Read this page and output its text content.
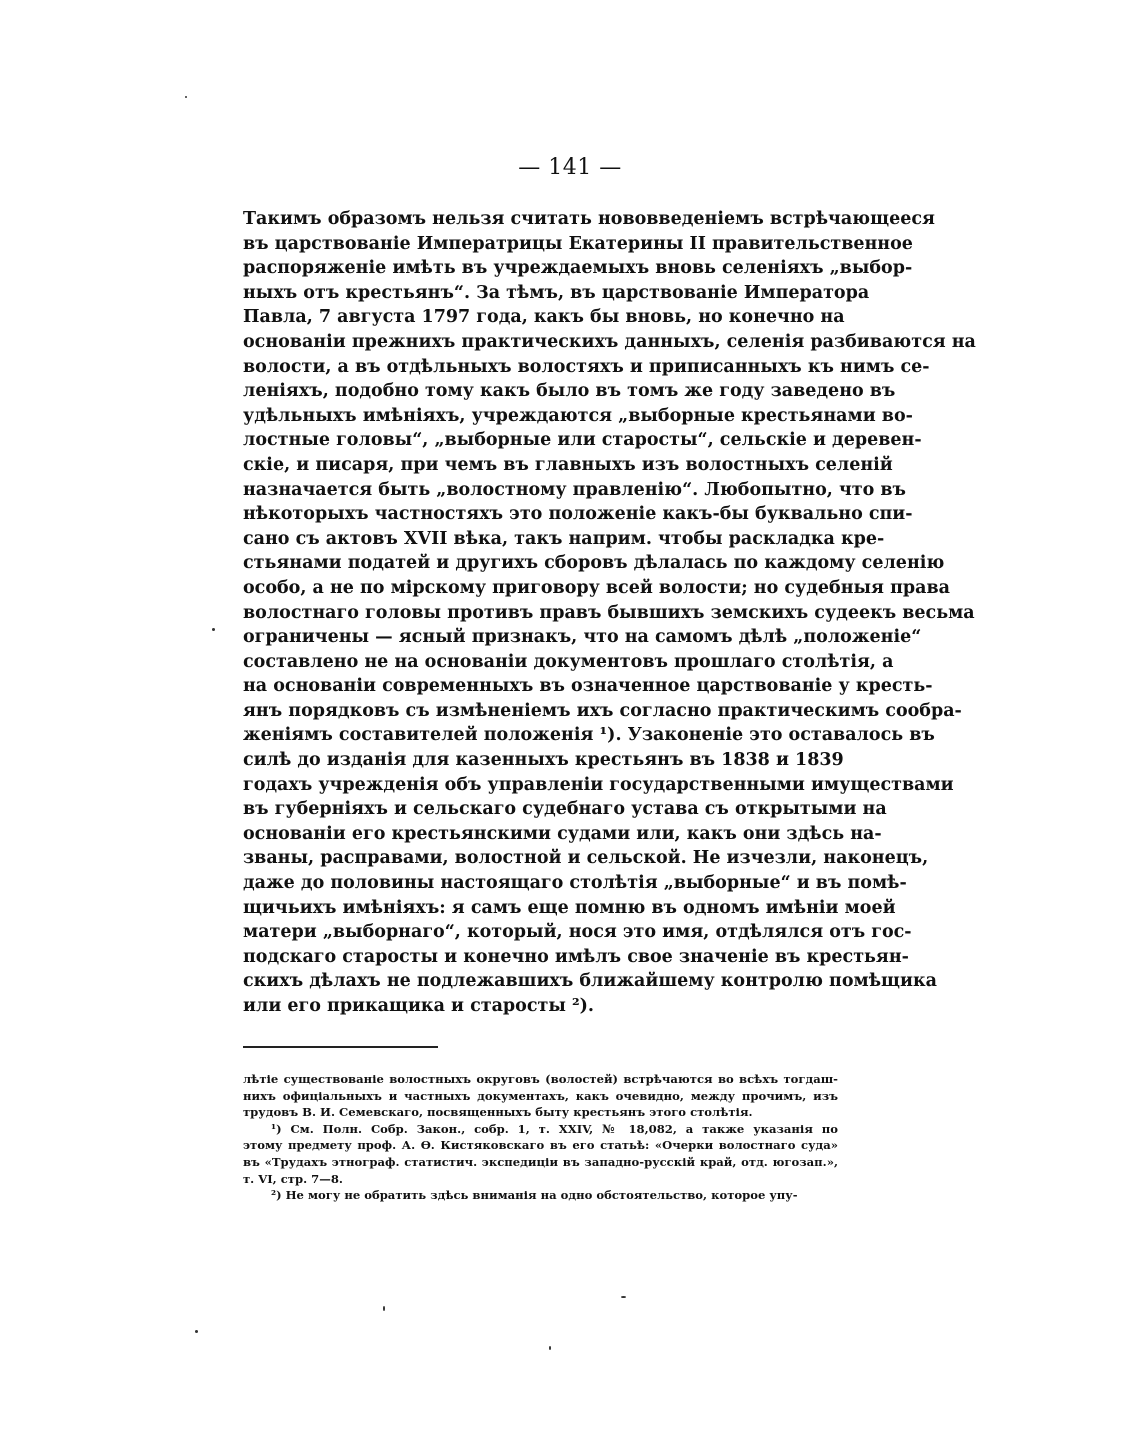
— 141 —
Такимъ образомъ нельзя считать нововведеніемъ встрѣчающееся
въ царствованіе Императрицы Екатерины II правительственное
распоряженіе имѣть въ учреждаемыхъ вновь селеніяхъ „выбор-
ныхъ отъ крестьянъ“. За тѣмъ, въ царствованіе Императора
Павла, 7 августа 1797 года, какъ бы вновь, но конечно на
основаніи прежнихъ практическихъ данныхъ, селенія разбиваются на
волости, а въ отдѣльныхъ волостяхъ и приписанныхъ къ нимъ се-
леніяхъ, подобно тому какъ было въ томъ же году заведено въ
удѣльныхъ имѣніяхъ, учреждаются „выборные крестьянами во-
лостные головы“, „выборные или старосты“, сельскіе и деревен-
скіе, и писаря, при чемъ въ главныхъ изъ волостныхъ селеній
назначается быть „волостному правленію“. Любопытно, что въ
нѣкоторыхъ частностяхъ это положеніе какъ-бы буквально спи-
сано съ актовъ XVII вѣка, такъ наприм. чтобы раскладка кре-
стьянами податей и другихъ сборовъ дѣлалась по каждому селенію
особо, а не по мірскому приговору всей волости; но судебныя права
волостнаго головы противъ правъ бывшихъ земскихъ судеекъ весьма
ограничены — ясный признакъ, что на самомъ дѣлѣ „положеніе“
составлено не на основаніи документовъ прошлаго столѣтія, а
на основаніи современныхъ въ означенное царствованіе у кресть-
янъ порядковъ съ измѣненіемъ ихъ согласно практическимъ сообра-
женіямъ составителей положенія ¹). Узаконеніе это оставалось въ
силѣ до изданія для казенныхъ крестьянъ въ 1838 и 1839
годахъ учрежденія объ управленіи государственными имуществами
въ губерніяхъ и сельскаго судебнаго устава съ открытыми на
основаніи его крестьянскими судами или, какъ они здѣсь на-
званы, расправами, волостной и сельской. Не изчезли, наконецъ,
даже до половины настоящаго столѣтія „выборные“ и въ помѣ-
щичьихъ имѣніяхъ: я самъ еще помню въ одномъ имѣніи моей
матери „выборнаго“, который, нося это имя, отдѣлялся отъ гос-
подскаго старосты и конечно имѣлъ свое значеніе въ крестьян-
скихъ дѣлахъ не подлежавшихъ ближайшему контролю помѣщика
или его прикащика и старосты ²).
лѣтіе существованіе волостныхъ округовъ (волостей) встрѣчаются во всѣхъ тогдаш-
нихъ офиціальныхъ и частныхъ документахъ, какъ очевидно, между прочимъ, изъ
трудовъ В. И. Семевскаго, посвященныхъ быту крестьянъ этого столѣтія.
¹) См. Полн. Собр. Закон., собр. 1, т. XXIV, № 18,082, а также указанія по
этому предмету проф. А. Ѳ. Кистяковскаго въ его статьѣ: «Очерки волостнаго суда»
въ «Трудахъ этнограф. статистич. экспедиціи въ западно-русскій край, отд. югозап.»,
т. VI, стр. 7—8.
²) Не могу не обратить здѣсь вниманія на одно обстоятельство, которое упу-
